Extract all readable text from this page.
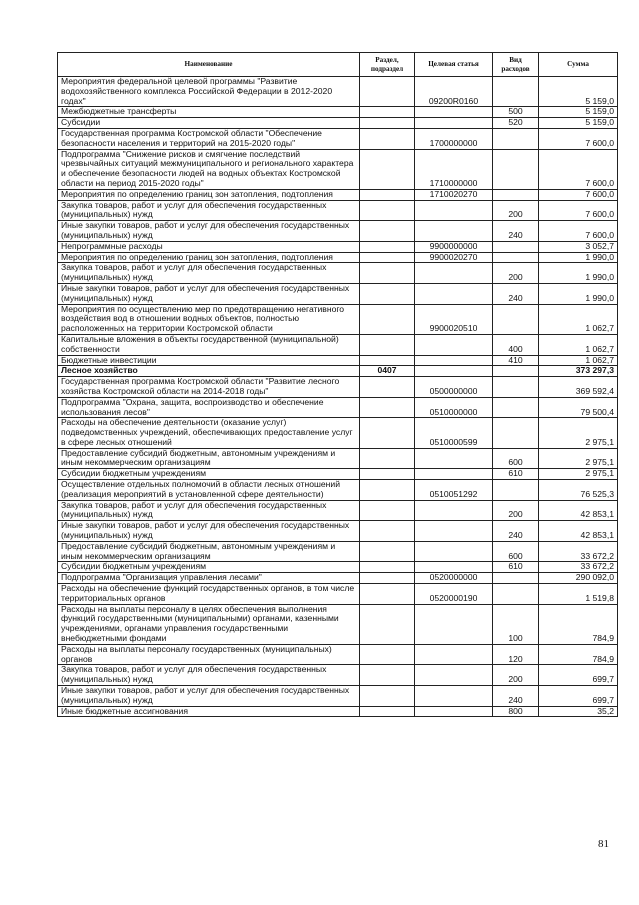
Наименование	Раздел, подраздел	Целевая статья	Вид расходов	Сумма
Мероприятия федеральной целевой программы "Развитие водохозяйственного комплекса Российской Федерации в 2012-2020 годах"		09200R0160		5 159,0
Межбюджетные трансферты			500	5 159,0
Субсидии			520	5 159,0
Государственная программа Костромской области "Обеспечение безопасности населения и территорий на 2015-2020 годы"		1700000000		7 600,0
Подпрограмма "Снижение рисков и смягчение последствий чрезвычайных ситуаций межмуниципального и регионального характера и обеспечение безопасности людей на водных объектах Костромской области на период 2015-2020 годы"		1710000000		7 600,0
Мероприятия по определению границ зон затопления, подтопления		1710020270		7 600,0
Закупка товаров, работ и услуг для обеспечения государственных (муниципальных) нужд			200	7 600,0
Иные закупки товаров, работ и услуг для обеспечения государственных (муниципальных) нужд			240	7 600,0
Непрограммные расходы		9900000000		3 052,7
Мероприятия по определению границ зон затопления, подтопления		9900020270		1 990,0
Закупка товаров, работ и услуг для обеспечения государственных (муниципальных) нужд			200	1 990,0
Иные закупки товаров, работ и услуг для обеспечения государственных (муниципальных) нужд			240	1 990,0
Мероприятия по осуществлению мер по предотвращению негативного воздействия вод в отношении водных объектов, полностью расположенных на территории Костромской области		9900020510		1 062,7
Капитальные вложения в объекты государственной (муниципальной) собственности			400	1 062,7
Бюджетные инвестиции			410	1 062,7
Лесное хозяйство	0407			373 297,3
Государственная программа Костромской области "Развитие лесного хозяйства Костромской области на 2014-2018 годы"		0500000000		369 592,4
Подпрограмма "Охрана, защита, воспроизводство и обеспечение использования лесов"		0510000000		79 500,4
Расходы на обеспечение деятельности (оказание услуг) подведомственных учреждений, обеспечивающих предоставление услуг в сфере лесных отношений		0510000599		2 975,1
Предоставление субсидий бюджетным, автономным учреждениям и иным некоммерческим организациям			600	2 975,1
Субсидии бюджетным учреждениям			610	2 975,1
Осуществление отдельных полномочий в области лесных отношений (реализация мероприятий в установленной сфере деятельности)		0510051292		76 525,3
Закупка товаров, работ и услуг для обеспечения государственных (муниципальных) нужд			200	42 853,1
Иные закупки товаров, работ и услуг для обеспечения государственных (муниципальных) нужд			240	42 853,1
Предоставление субсидий бюджетным, автономным учреждениям и иным некоммерческим организациям			600	33 672,2
Субсидии бюджетным учреждениям			610	33 672,2
Подпрограмма "Организация управления лесами"		0520000000		290 092,0
Расходы на обеспечение функций государственных органов, в том числе территориальных органов		0520000190		1 519,8
Расходы на выплаты персоналу в целях обеспечения выполнения функций государственными (муниципальными) органами, казенными учреждениями, органами управления государственными внебюджетными фондами			100	784,9
Расходы на выплаты персоналу государственных (муниципальных) органов			120	784,9
Закупка товаров, работ и услуг для обеспечения государственных (муниципальных) нужд			200	699,7
Иные закупки товаров, работ и услуг для обеспечения государственных (муниципальных) нужд			240	699,7
Иные бюджетные ассигнования			800	35,2
81
